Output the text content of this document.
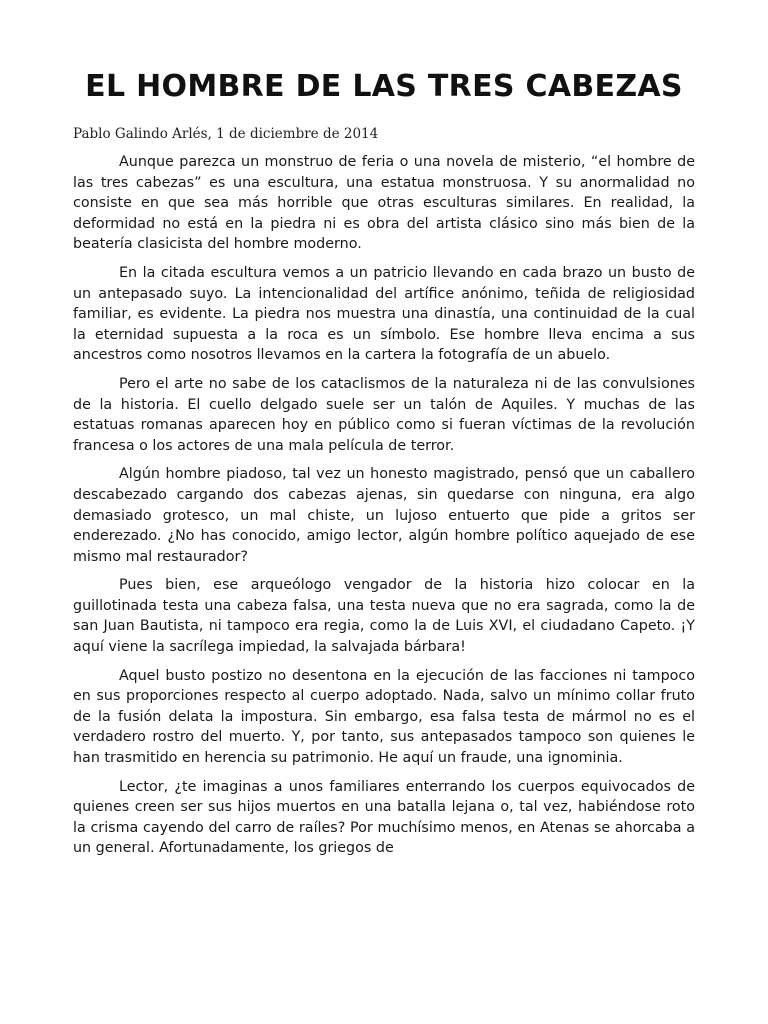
EL HOMBRE DE LAS TRES CABEZAS

Pablo Galindo Arlés, 1 de diciembre de 2014

Aunque parezca un monstruo de feria o una novela de misterio, “el hombre de las tres cabezas” es una escultura, una estatua monstruosa. Y su anormalidad no consiste en que sea más horrible que otras esculturas similares. En realidad, la deformidad no está en la piedra ni es obra del artista clásico sino más bien de la beatería clasicista del hombre moderno.

En la citada escultura vemos a un patricio llevando en cada brazo un busto de un antepasado suyo. La intencionalidad del artífice anónimo, teñida de religiosidad familiar, es evidente. La piedra nos muestra una dinastía, una continuidad de la cual la eternidad supuesta a la roca es un símbolo. Ese hombre lleva encima a sus ancestros como nosotros llevamos en la cartera la fotografía de un abuelo.

Pero el arte no sabe de los cataclismos de la naturaleza ni de las convulsiones de la historia. El cuello delgado suele ser un talón de Aquiles. Y muchas de las estatuas romanas aparecen hoy en público como si fueran víctimas de la revolución francesa o los actores de una mala película de terror.

Algún hombre piadoso, tal vez un honesto magistrado, pensó que un caballero descabezado cargando dos cabezas ajenas, sin quedarse con ninguna, era algo demasiado grotesco, un mal chiste, un lujoso entuerto que pide a gritos ser enderezado. ¿No has conocido, amigo lector, algún hombre político aquejado de ese mismo mal restaurador?

Pues bien, ese arqueólogo vengador de la historia hizo colocar en la guillotinada testa una cabeza falsa, una testa nueva que no era sagrada, como la de san Juan Bautista, ni tampoco era regia, como la de Luis XVI, el ciudadano Capeto. ¡Y aquí viene la sacrílega impiedad, la salvajada bárbara!

Aquel busto postizo no desentona en la ejecución de las facciones ni tampoco en sus proporciones respecto al cuerpo adoptado. Nada, salvo un mínimo collar fruto de la fusión delata la impostura. Sin embargo, esa falsa testa de mármol no es el verdadero rostro del muerto. Y, por tanto, sus antepasados tampoco son quienes le han trasmitido en herencia su patrimonio. He aquí un fraude, una ignominia.

Lector, ¿te imaginas a unos familiares enterrando los cuerpos equivocados de quienes creen ser sus hijos muertos en una batalla lejana o, tal vez, habiéndose roto la crisma cayendo del carro de raíles? Por muchísimo menos, en Atenas se ahorcaba a un general. Afortunadamente, los griegos de
